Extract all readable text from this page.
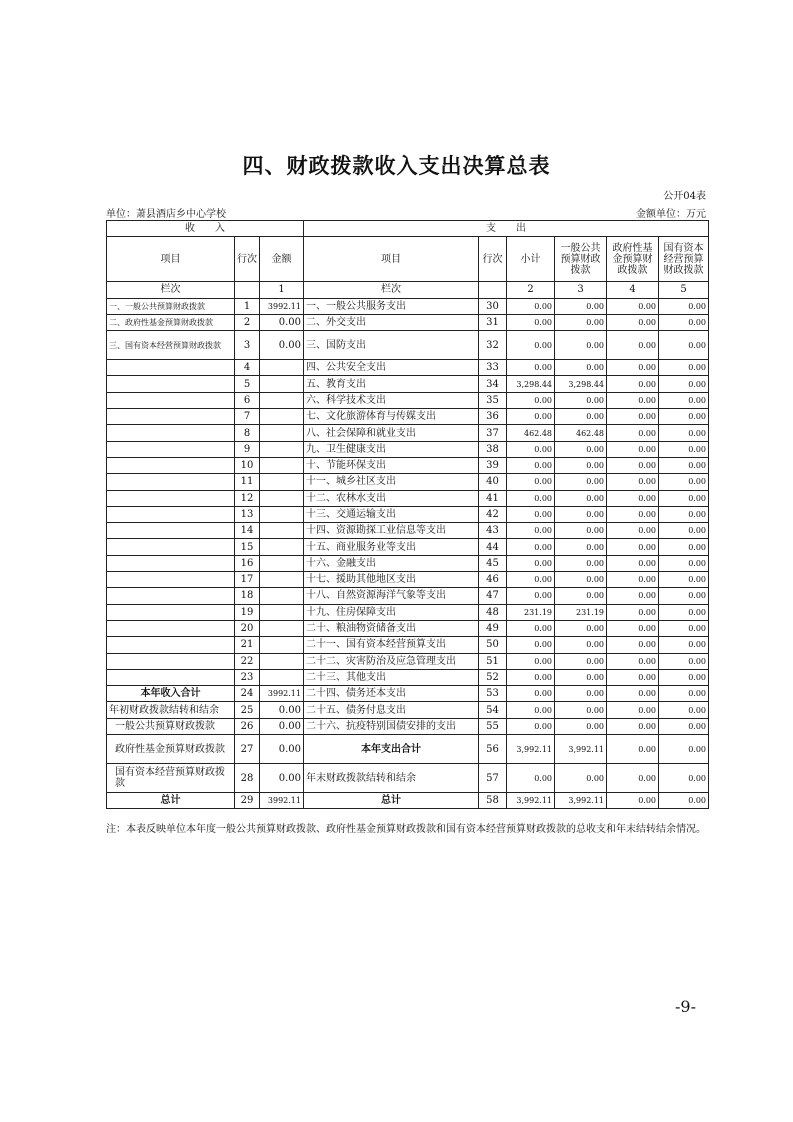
四、财政拨款收入支出决算总表
公开04表
单位：萧县酒店乡中心学校	金额单位：万元
收　　入			支　　出					
项目	行次	金额	项目	行次	小计	一般公共预算财政拨款	政府性基金预算财政拨款	国有资本经营预算财政拨款
栏次		1	栏次		2	3	4	5
一、一般公共预算财政拨款	1	3992.11	一、一般公共服务支出	30	0.00	0.00	0.00	0.00
二、政府性基金预算财政拨款	2	0.00	二、外交支出	31	0.00	0.00	0.00	0.00
三、国有资本经营预算财政拨款	3	0.00	三、国防支出	32	0.00	0.00	0.00	0.00
	4		四、公共安全支出	33	0.00	0.00	0.00	0.00
	5		五、教育支出	34	3,298.44	3,298.44	0.00	0.00
	6		六、科学技术支出	35	0.00	0.00	0.00	0.00
	7		七、文化旅游体育与传媒支出	36	0.00	0.00	0.00	0.00
	8		八、社会保障和就业支出	37	462.48	462.48	0.00	0.00
	9		九、卫生健康支出	38	0.00	0.00	0.00	0.00
	10		十、节能环保支出	39	0.00	0.00	0.00	0.00
	11		十一、城乡社区支出	40	0.00	0.00	0.00	0.00
	12		十二、农林水支出	41	0.00	0.00	0.00	0.00
	13		十三、交通运输支出	42	0.00	0.00	0.00	0.00
	14		十四、资源勘探工业信息等支出	43	0.00	0.00	0.00	0.00
	15		十五、商业服务业等支出	44	0.00	0.00	0.00	0.00
	16		十六、金融支出	45	0.00	0.00	0.00	0.00
	17		十七、援助其他地区支出	46	0.00	0.00	0.00	0.00
	18		十八、自然资源海洋气象等支出	47	0.00	0.00	0.00	0.00
	19		十九、住房保障支出	48	231.19	231.19	0.00	0.00
	20		二十、粮油物资储备支出	49	0.00	0.00	0.00	0.00
	21		二十一、国有资本经营预算支出	50	0.00	0.00	0.00	0.00
	22		二十二、灾害防治及应急管理支出	51	0.00	0.00	0.00	0.00
	23		二十三、其他支出	52	0.00	0.00	0.00	0.00
本年收入合计	24	3992.11	二十四、债务还本支出	53	0.00	0.00	0.00	0.00
年初财政拨款结转和结余	25	0.00	二十五、债务付息支出	54	0.00	0.00	0.00	0.00
一般公共预算财政拨款	26	0.00	二十六、抗疫特别国债安排的支出	55	0.00	0.00	0.00	0.00
政府性基金预算财政拨款	27	0.00	本年支出合计	56	3,992.11	3,992.11	0.00	0.00
国有资本经营预算财政拨款	28	0.00	年末财政拨款结转和结余	57	0.00	0.00	0.00	0.00
总计	29	3992.11	总计	58	3,992.11	3,992.11	0.00	0.00
注：本表反映单位本年度一般公共预算财政拨款、政府性基金预算财政拨款和国有资本经营预算财政拨款的总收支和年末结转结余情况。
-9-
